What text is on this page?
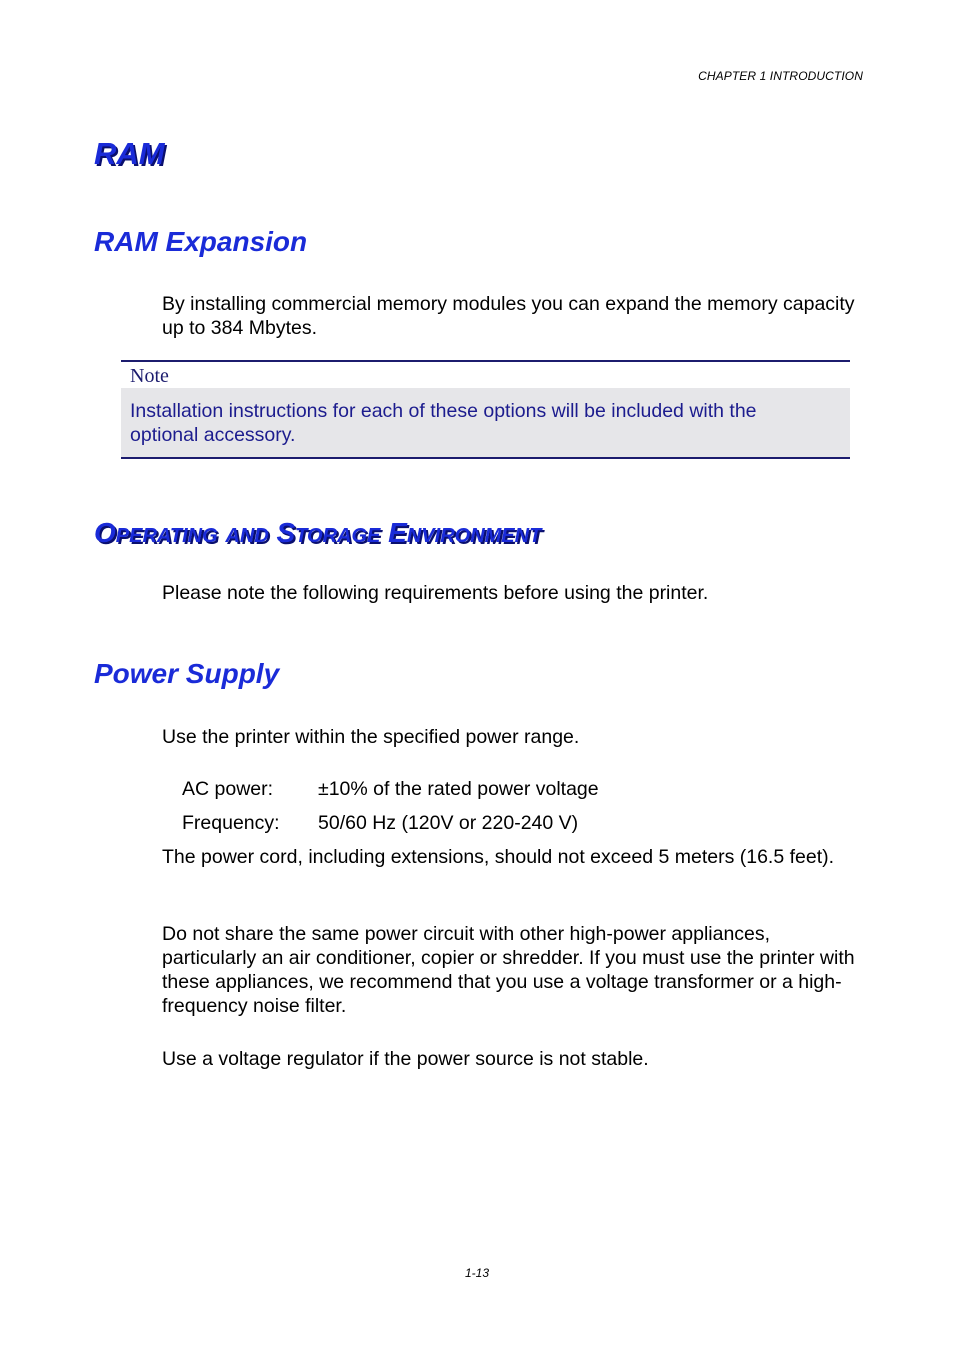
CHAPTER 1 INTRODUCTION
RAM
RAM Expansion

By installing commercial memory modules you can expand the memory capacity up to 384 Mbytes.

Note

Installation instructions for each of these options will be included with the optional accessory.

Operating and Storage Environment

Please note the following requirements before using the printer.

Power Supply

Use the printer within the specified power range.

AC power: ±10% of the rated power voltage
Frequency: 50/60 Hz (120V or 220-240 V)

The power cord, including extensions, should not exceed 5 meters (16.5 feet).

Do not share the same power circuit with other high-power appliances, particularly an air conditioner, copier or shredder. If you must use the printer with these appliances, we recommend that you use a voltage transformer or a high-frequency noise filter.

Use a voltage regulator if the power source is not stable.

1-13
